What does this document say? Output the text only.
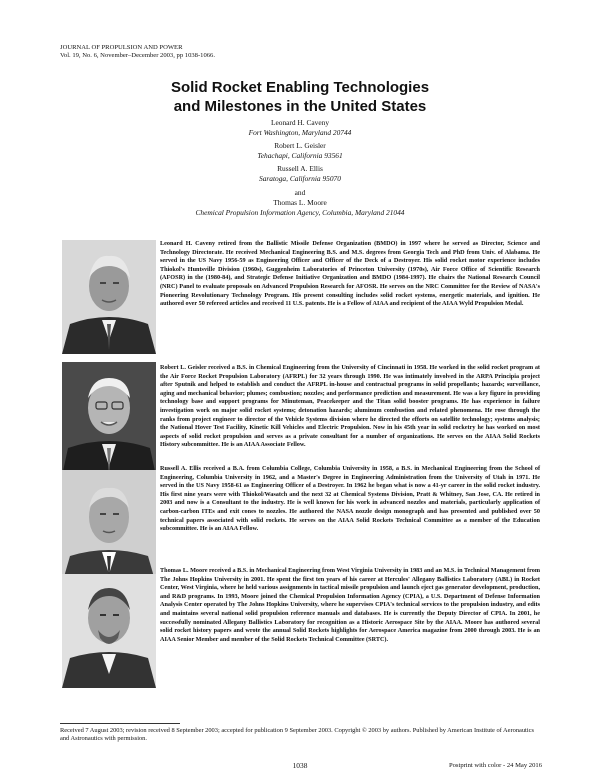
JOURNAL OF PROPULSION AND POWER
Vol. 19, No. 6, November–December 2003, pp 1038-1066.
Solid Rocket Enabling Technologies
and Milestones in the United States
Leonard H. Caveny
Fort Washington, Maryland 20744
Robert L. Geisler
Tehachapi, California 93561
Russell A. Ellis
Saratoga, California 95070
and
Thomas L. Moore
Chemical Propulsion Information Agency, Columbia, Maryland 21044
Leonard H. Caveny retired from the Ballistic Missile Defense Organization (BMDO) in 1997 where he served as Director, Science and Technology Directorate. He received Mechanical Engineering B.S. and M.S. degrees from Georgia Tech and PhD from Univ. of Alabama. He served in the US Navy 1956-59 as Engineering Officer and Officer of the Deck of a Destroyer. His solid rocket motor experience includes Thiokol's Huntsville Division (1960s), Guggenheim Laboratories of Princeton University (1970s), Air Force Office of Scientific Research (AFOSR) in the (1980-84), and Strategic Defense Initiative Organization and BMDO (1984-1997). He chairs the National Research Council (NRC) Panel to evaluate proposals on Advanced Propulsion Research for AFOSR. He serves on the NRC Committee for the Review of NASA's Pioneering Revolutionary Technology Program. His present consulting includes solid rocket systems, energetic materials, and ignition. He authored over 50 refereed articles and received 11 U.S. patents. He is a Fellow of AIAA and recipient of the AIAA Wyld Propulsion Medal.
Robert L. Geisler received a B.S. in Chemical Engineering from the University of Cincinnati in 1958. He worked in the solid rocket program at the Air Force Rocket Propulsion Laboratory (AFRPL) for 32 years through 1990. He was intimately involved in the ARPA Principia project after Sputnik and helped to establish and conduct the AFRPL in-house and contractual programs in solid propellants; hazards; surveillance, aging and mechanical behavior; plumes; combustion; nozzles; and performance prediction and measurement. He was a key figure in providing technology base and support programs for Minuteman, Peacekeeper and the Titan solid booster programs. He has experience in failure investigation work on major solid rocket systems; detonation hazards; aluminum combustion and related phenomena. He rose through the ranks from project engineer to director of the Vehicle Systems division where he directed the efforts on satellite technology; systems analysis; the National Hover Test Facility, Kinetic Kill Vehicles and Electric Propulsion. Now in his 45th year in solid rocketry he has worked on most aspects of solid rocket propulsion and serves as a private consultant for a number of organizations. He serves on the AIAA Solid Rockets History subcommittee. He is an AIAA Associate Fellow.
Russell A. Ellis received a B.A. from Columbia College, Columbia University in 1958, a B.S. in Mechanical Engineering from the School of Engineering, Columbia University in 1962, and a Master's Degree in Engineering Administration from the University of Utah in 1971. He served in the US Navy 1958-61 as Engineering Officer of a Destroyer. In 1962 he began what is now a 41-yr career in the solid rocket industry. His first nine years were with Thiokol/Wasatch and the next 32 at Chemical Systems Division, Pratt & Whitney, San Jose, CA. He retired in 2003 and now is a Consultant to the industry. He is well known for his work in advanced nozzles and materials, particularly application of carbon-carbon ITEs and exit cones to nozzles. He authored the NASA nozzle design monograph and has presented and published over 50 technical papers associated with solid rockets. He serves on the AIAA Solid Rockets Technical Committee as a member of the Education subcommittee. He is an AIAA Fellow.
Thomas L. Moore received a B.S. in Mechanical Engineering from West Virginia University in 1983 and an M.S. in Technical Management from The Johns Hopkins University in 2001. He spent the first ten years of his career at Hercules' Allegany Ballistics Laboratory (ABL) in Rocket Center, West Virginia, where he held various assignments in tactical missile propulsion and launch eject gas generator development, production, and R&D programs. In 1993, Moore joined the Chemical Propulsion Information Agency (CPIA), a U.S. Department of Defense Information Analysis Center operated by The Johns Hopkins University, where he supervises CPIA's technical services to the propulsion industry, and edits and maintains several national solid propulsion reference manuals and databases. He is currently the Deputy Director of CPIA. In 2001, he successfully nominated Allegany Ballistics Laboratory for recognition as a Historic Aerospace Site by the AIAA. Moore has authored several solid rocket history papers and wrote the annual Solid Rockets highlights for Aerospace America magazine from 2000 through 2003. He is an AIAA Senior Member and member of the Solid Rockets Technical Committee (SRTC).
Received 7 August 2003; revision received 8 September 2003; accepted for publication 9 September 2003. Copyright © 2003 by authors. Published by American Institute of Aeronautics and Astronautics with permission.
1038	Postprint with color - 24 May 2016
